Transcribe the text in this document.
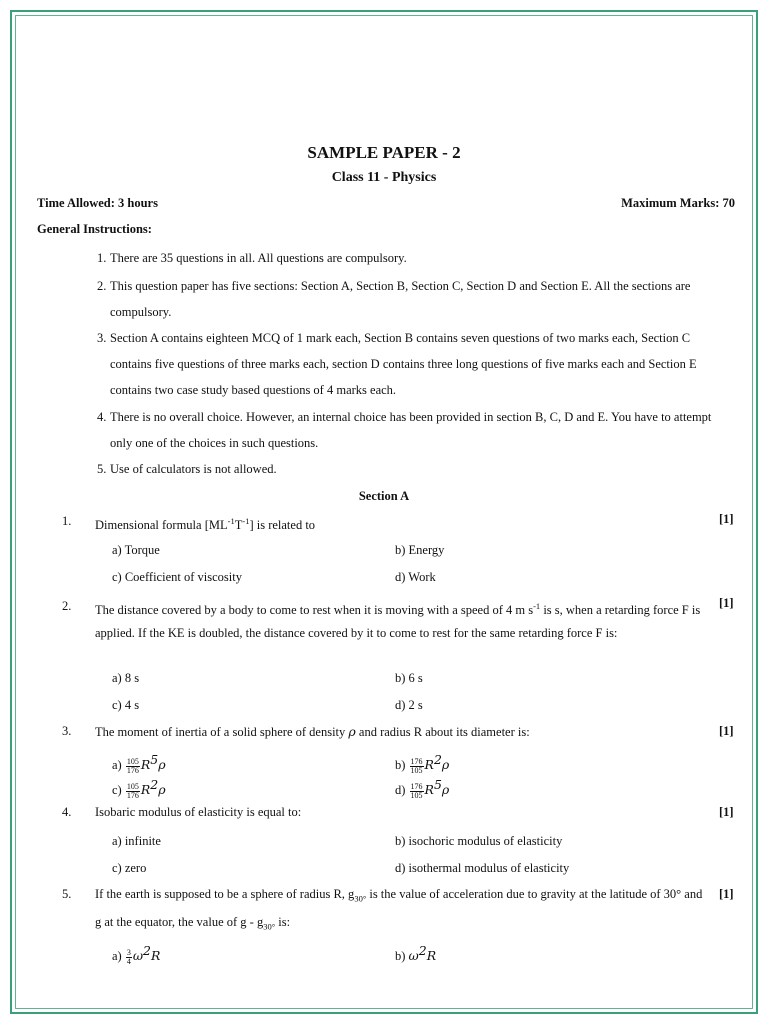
SAMPLE PAPER - 2
Class 11 - Physics
Time Allowed: 3 hours	Maximum Marks: 70
General Instructions:
1. There are 35 questions in all. All questions are compulsory.
2. This question paper has five sections: Section A, Section B, Section C, Section D and Section E. All the sections are compulsory.
3. Section A contains eighteen MCQ of 1 mark each, Section B contains seven questions of two marks each, Section C contains five questions of three marks each, section D contains three long questions of five marks each and Section E contains two case study based questions of 4 marks each.
4. There is no overall choice. However, an internal choice has been provided in section B, C, D and E. You have to attempt only one of the choices in such questions.
5. Use of calculators is not allowed.
Section A
1. Dimensional formula $[ML^{-1}T^{-1}]$ is related to	[1]
a) Torque	b) Energy
c) Coefficient of viscosity	d) Work
2. The distance covered by a body to come to rest when it is moving with a speed of 4 m $s^{-1}$ is s, when a retarding force F is applied. If the KE is doubled, the distance covered by it to come to rest for the same retarding force F is:
[1]
a) 8 s	b) 6 s
c) 4 s	d) 2 s
3. The moment of inertia of a solid sphere of density ρ and radius R about its diameter is:	[1]
$a) \frac{105}{176} R^5\rho$	$b) \frac{176}{105} R^2\rho$
$c) \frac{105}{176} R^2\rho$	$d) \frac{176}{105} R^5\rho$
4. Isobaric modulus of elasticity is equal to:	[1]
a) infinite	b) isochoric modulus of elasticity
c) zero	d) isothermal modulus of elasticity
5. If the earth is supposed to be a sphere of radius R, $g_{30^\circ}$ is the value of acceleration due to gravity at the latitude of 30° and g at the equator, the value of g - $g_{30^\circ}$ is:
[1]
$a) \frac{3}{4} \omega^2R$	b) $\omega^2R$
